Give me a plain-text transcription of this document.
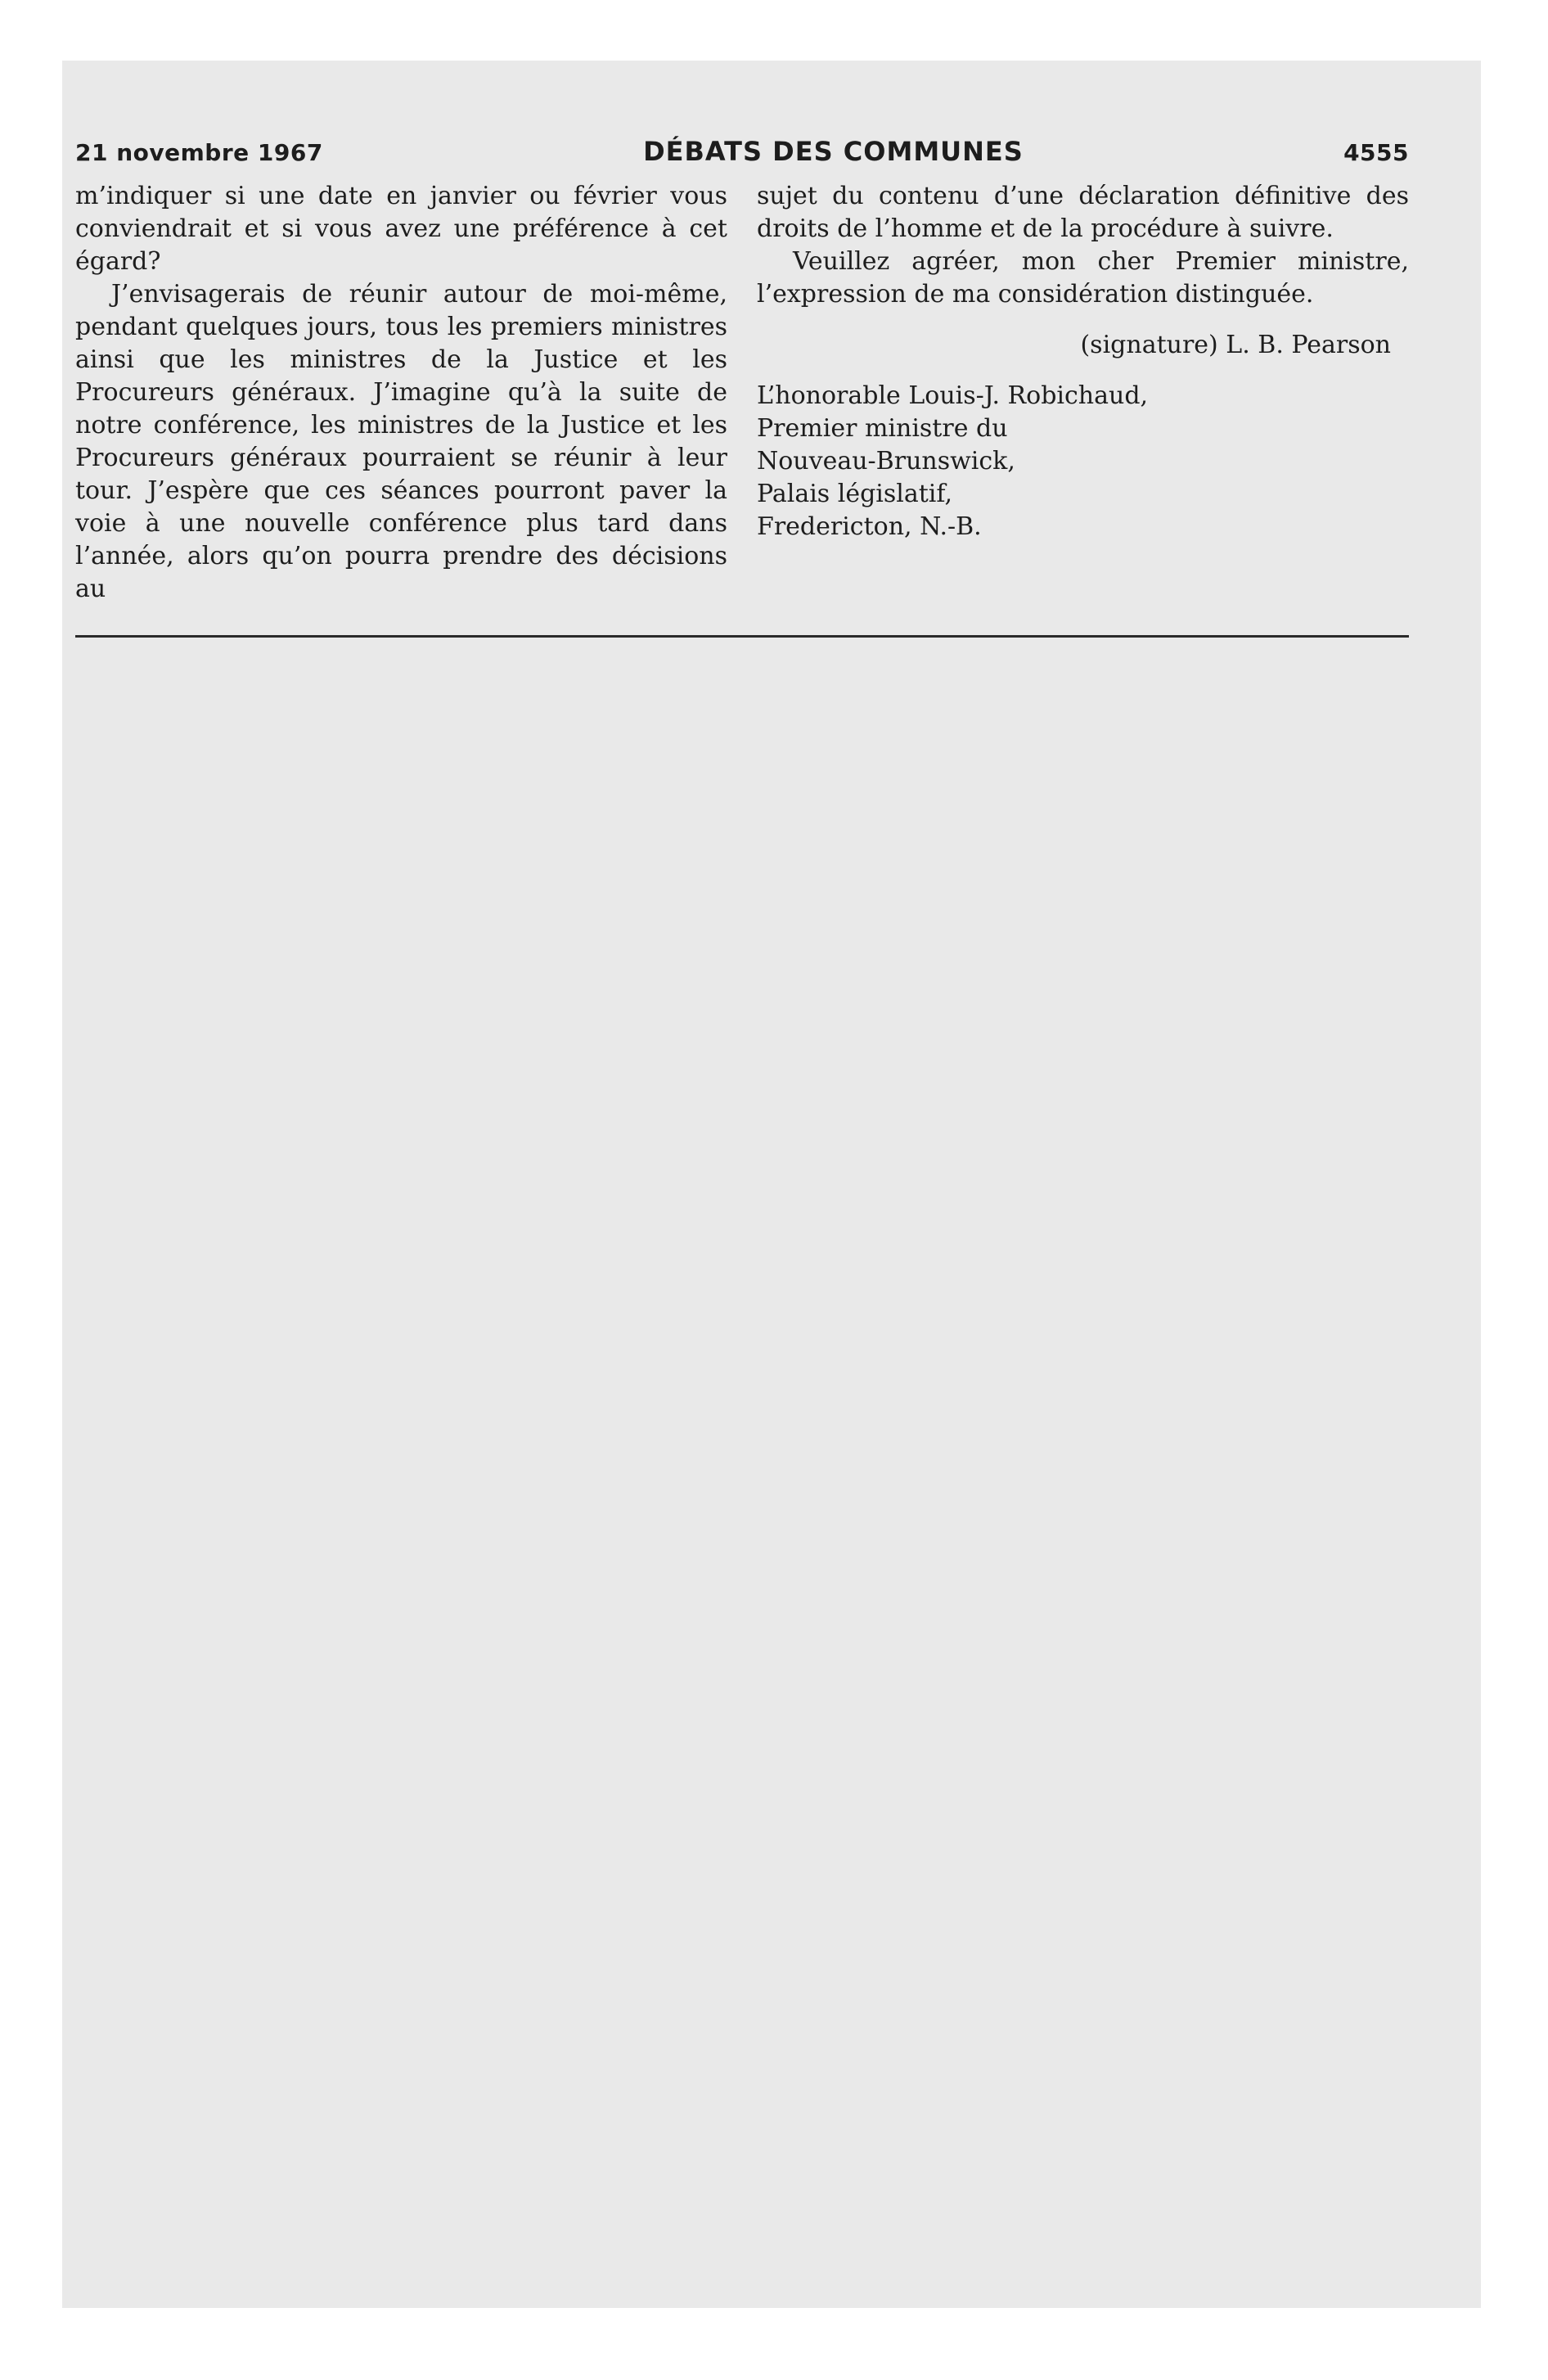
21 novembre 1967	DÉBATS DES COMMUNES	4555

m’indiquer si une date en janvier ou février vous conviendrait et si vous avez une préférence à cet égard?

J’envisagerais de réunir autour de moi-même, pendant quelques jours, tous les premiers ministres ainsi que les ministres de la Justice et les Procureurs généraux. J’imagine qu’à la suite de notre conférence, les ministres de la Justice et les Procureurs généraux pourraient se réunir à leur tour. J’espère que ces séances pourront paver la voie à une nouvelle conférence plus tard dans l’année, alors qu’on pourra prendre des décisions au

sujet du contenu d’une déclaration définitive des droits de l’homme et de la procédure à suivre.

Veuillez agréer, mon cher Premier ministre, l’expression de ma considération distinguée.

(signature) L. B. Pearson

L’honorable Louis-J. Robichaud,

Premier ministre du

Nouveau-Brunswick,

Palais législatif,

Fredericton, N.-B.
